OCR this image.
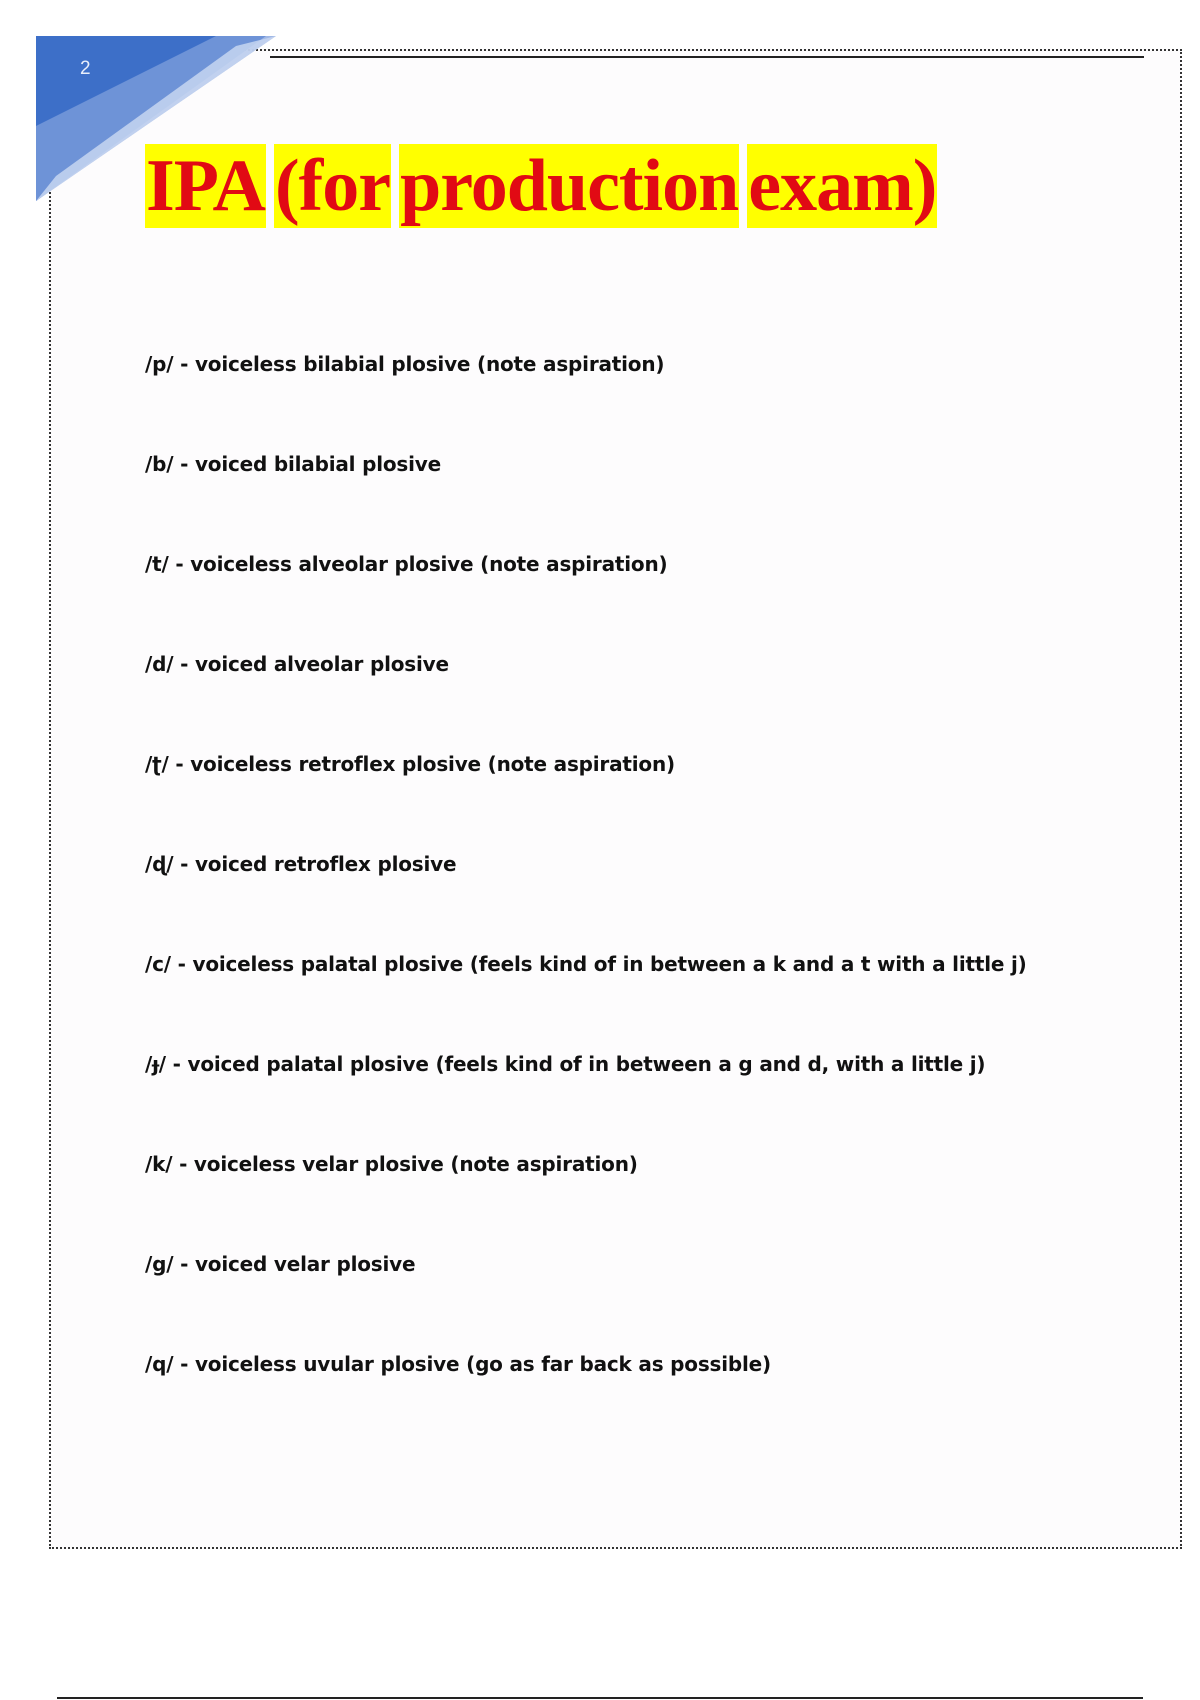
2
IPA (for production exam)
/p/ - voiceless bilabial plosive (note aspiration)
/b/ - voiced bilabial plosive
/t/ - voiceless alveolar plosive (note aspiration)
/d/ - voiced alveolar plosive
/ʈ/ - voiceless retroflex plosive (note aspiration)
/ɖ/ - voiced retroflex plosive
/c/ - voiceless palatal plosive (feels kind of in between a k and a t with a little j)
/ɟ/ - voiced palatal plosive (feels kind of in between a g and d, with a little j)
/k/ - voiceless velar plosive (note aspiration)
/g/ - voiced velar plosive
/q/ - voiceless uvular plosive (go as far back as possible)
